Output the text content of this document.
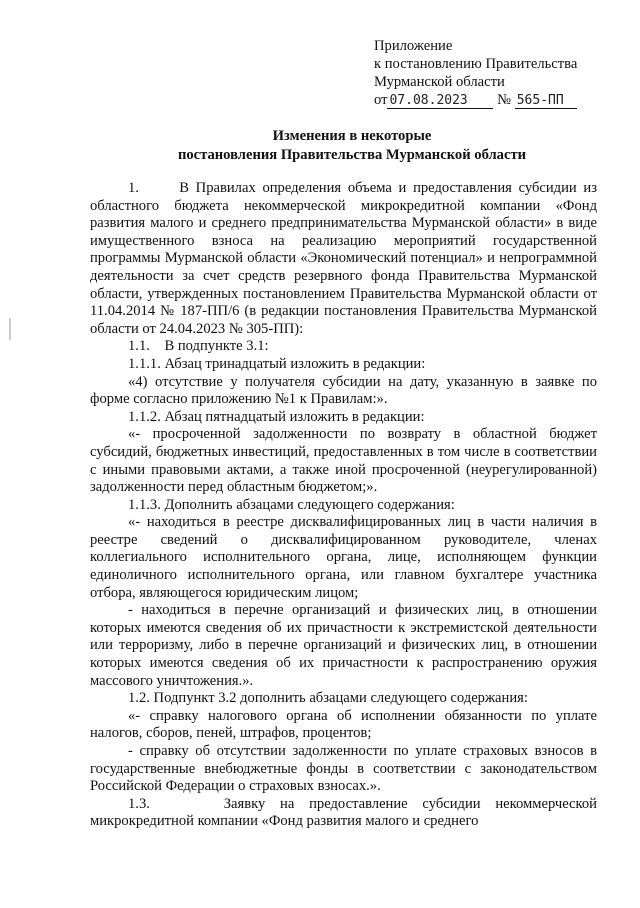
Приложение
к постановлению Правительства
Мурманской области
от 07.08.2023 № 565-ПП
Изменения в некоторые
постановления Правительства Мурманской области

1.      В Правилах определения объема и предоставления субсидии из областного бюджета некоммерческой микрокредитной компании «Фонд развития малого и среднего предпринимательства Мурманской области» в виде имущественного взноса на реализацию мероприятий государственной программы Мурманской области «Экономический потенциал» и непрограммной деятельности за счет средств резервного фонда Правительства Мурманской области, утвержденных постановлением Правительства Мурманской области от 11.04.2014 № 187-ПП/6 (в редакции постановления Правительства Мурманской области от 24.04.2023 № 305-ПП):

1.1.    В подпункте 3.1:

1.1.1. Абзац тринадцатый изложить в редакции:

«4) отсутствие у получателя субсидии на дату, указанную в заявке по форме согласно приложению №1 к Правилам:».

1.1.2. Абзац пятнадцатый изложить в редакции:

«- просроченной задолженности по возврату в областной бюджет субсидий, бюджетных инвестиций, предоставленных в том числе в соответствии с иными правовыми актами, а также иной просроченной (неурегулированной) задолженности перед областным бюджетом;».

1.1.3. Дополнить абзацами следующего содержания:

«- находиться в реестре дисквалифицированных лиц в части наличия в реестре сведений о дисквалифицированном руководителе, членах коллегиального исполнительного органа, лице, исполняющем функции единоличного исполнительного органа, или главном бухгалтере участника отбора, являющегося юридическим лицом;

- находиться в перечне организаций и физических лиц, в отношении которых имеются сведения об их причастности к экстремистской деятельности или терроризму, либо в перечне организаций и физических лиц, в отношении которых имеются сведения об их причастности к распространению оружия массового уничтожения.».

1.2. Подпункт 3.2 дополнить абзацами следующего содержания:

«- справку налогового органа об исполнении обязанности по уплате налогов, сборов, пеней, штрафов, процентов;

- справку об отсутствии задолженности по уплате страховых взносов в государственные внебюджетные фонды в соответствии с законодательством Российской Федерации о страховых взносах.».

1.3.     Заявку на предоставление субсидии некоммерческой микрокредитной компании «Фонд развития малого и среднего
